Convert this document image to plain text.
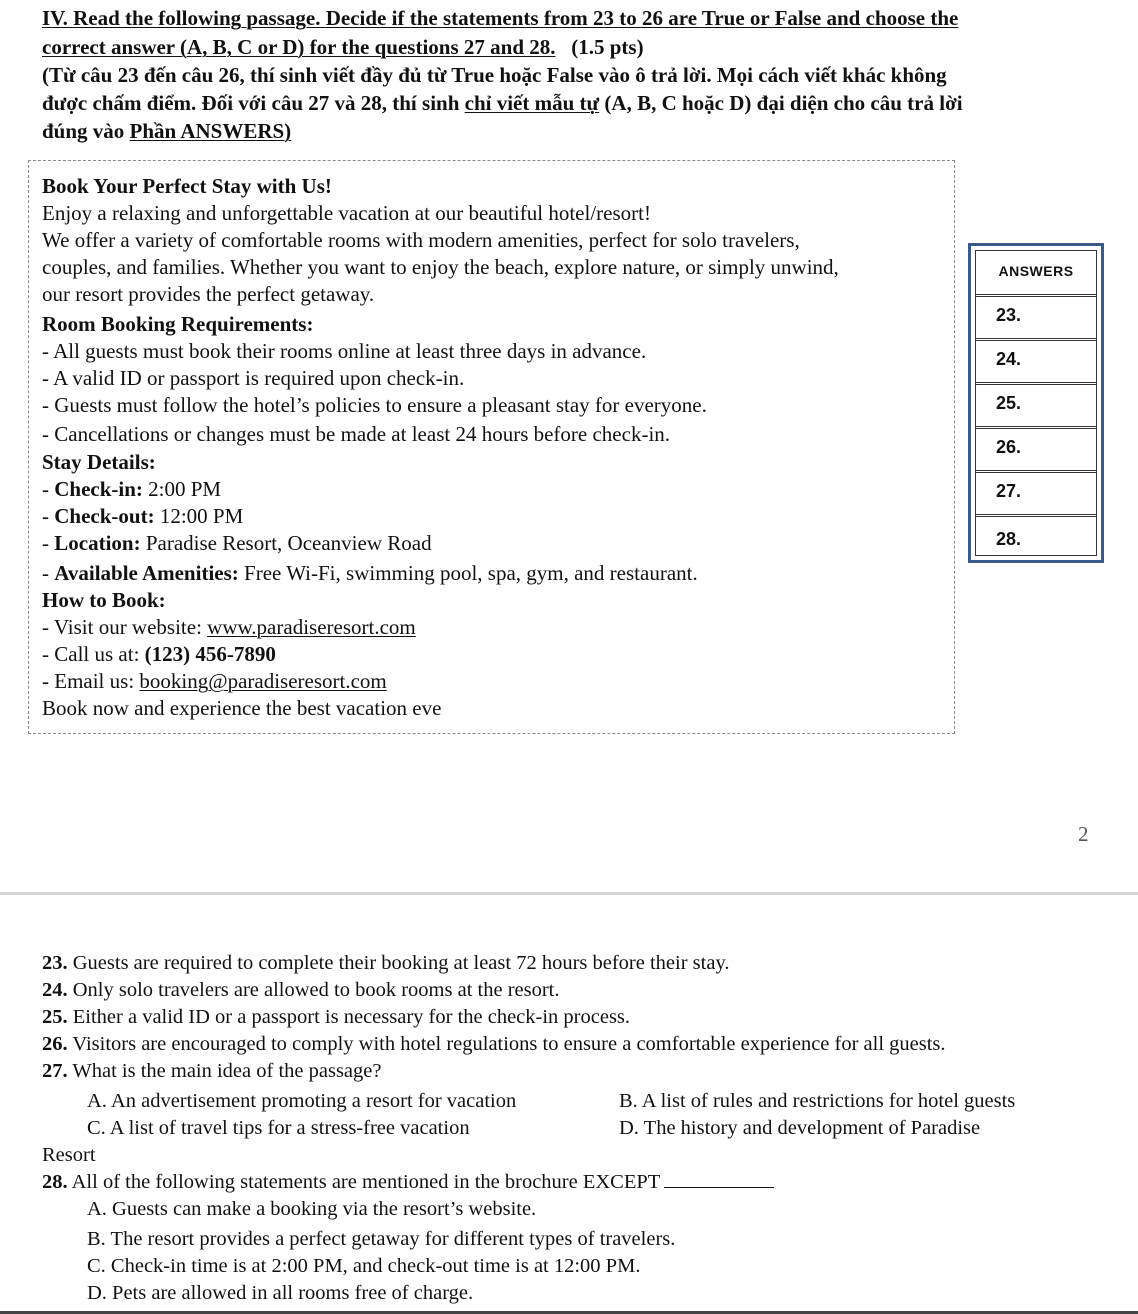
IV. Read the following passage. Decide if the statements from 23 to 26 are True or False and choose the
correct answer (A, B, C or D) for the questions 27 and 28. (1.5 pts)
(Từ câu 23 đến câu 26, thí sinh viết đầy đủ từ True hoặc False vào ô trả lời. Mọi cách viết khác không
được chấm điểm. Đối với câu 27 và 28, thí sinh chỉ viết mẫu tự (A, B, C hoặc D) đại diện cho câu trả lời
đúng vào Phần ANSWERS)
Book Your Perfect Stay with Us!
Enjoy a relaxing and unforgettable vacation at our beautiful hotel/resort!
We offer a variety of comfortable rooms with modern amenities, perfect for solo travelers,
couples, and families. Whether you want to enjoy the beach, explore nature, or simply unwind,
our resort provides the perfect getaway.
Room Booking Requirements:
- All guests must book their rooms online at least three days in advance.
- A valid ID or passport is required upon check-in.
- Guests must follow the hotel’s policies to ensure a pleasant stay for everyone.
- Cancellations or changes must be made at least 24 hours before check-in.
Stay Details:
- Check-in: 2:00 PM
- Check-out: 12:00 PM
- Location: Paradise Resort, Oceanview Road
- Available Amenities: Free Wi-Fi, swimming pool, spa, gym, and restaurant.
How to Book:
- Visit our website: www.paradiseresort.com
- Call us at: (123) 456-7890
- Email us: booking@paradiseresort.com
Book now and experience the best vacation eve
ANSWERS
23.
24.
25.
26.
27.
28.
2
23. Guests are required to complete their booking at least 72 hours before their stay.
24. Only solo travelers are allowed to book rooms at the resort.
25. Either a valid ID or a passport is necessary for the check-in process.
26. Visitors are encouraged to comply with hotel regulations to ensure a comfortable experience for all guests.
27. What is the main idea of the passage?
A. An advertisement promoting a resort for vacation	B. A list of rules and restrictions for hotel guests
C. A list of travel tips for a stress-free vacation	D. The history and development of Paradise
Resort
28. All of the following statements are mentioned in the brochure EXCEPT
A. Guests can make a booking via the resort’s website.
B. The resort provides a perfect getaway for different types of travelers.
C. Check-in time is at 2:00 PM, and check-out time is at 12:00 PM.
D. Pets are allowed in all rooms free of charge.
